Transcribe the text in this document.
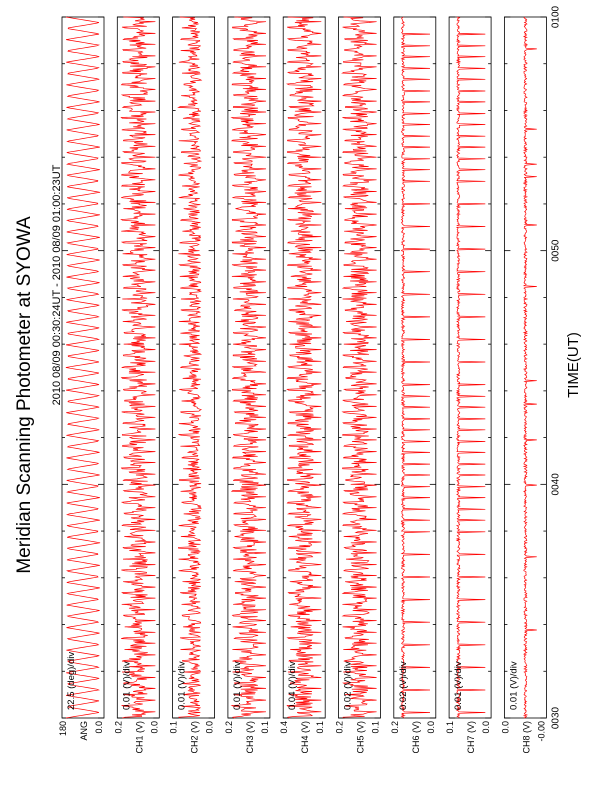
Meridian Scanning Photometer at SYOWA 2010 08/09 00:30:24UT - 2010 08/09 01:00:23UT	TIME(UT)
180	0.0
ANG
22.5 (deg)/div
0.2	0.0
CH1 (V)
0.01 (V)/div
0.1	0.0
CH2 (V)
0.01 (V)/div
0.2	0.1
CH3 (V)
0.01 (V)/div
0.4	0.1
CH4 (V)
0.04 (V)/div
0.2	0.1
CH5 (V)
0.02 (V)/div
0.2	0.0
CH6 (V)
0.02 (V)/div
0.1	0.0
CH7 (V)
0.01 (V)/div
0.0	-0.00
CH8 (V)
0.01 (V)/div
0030
0040
0050
0100
